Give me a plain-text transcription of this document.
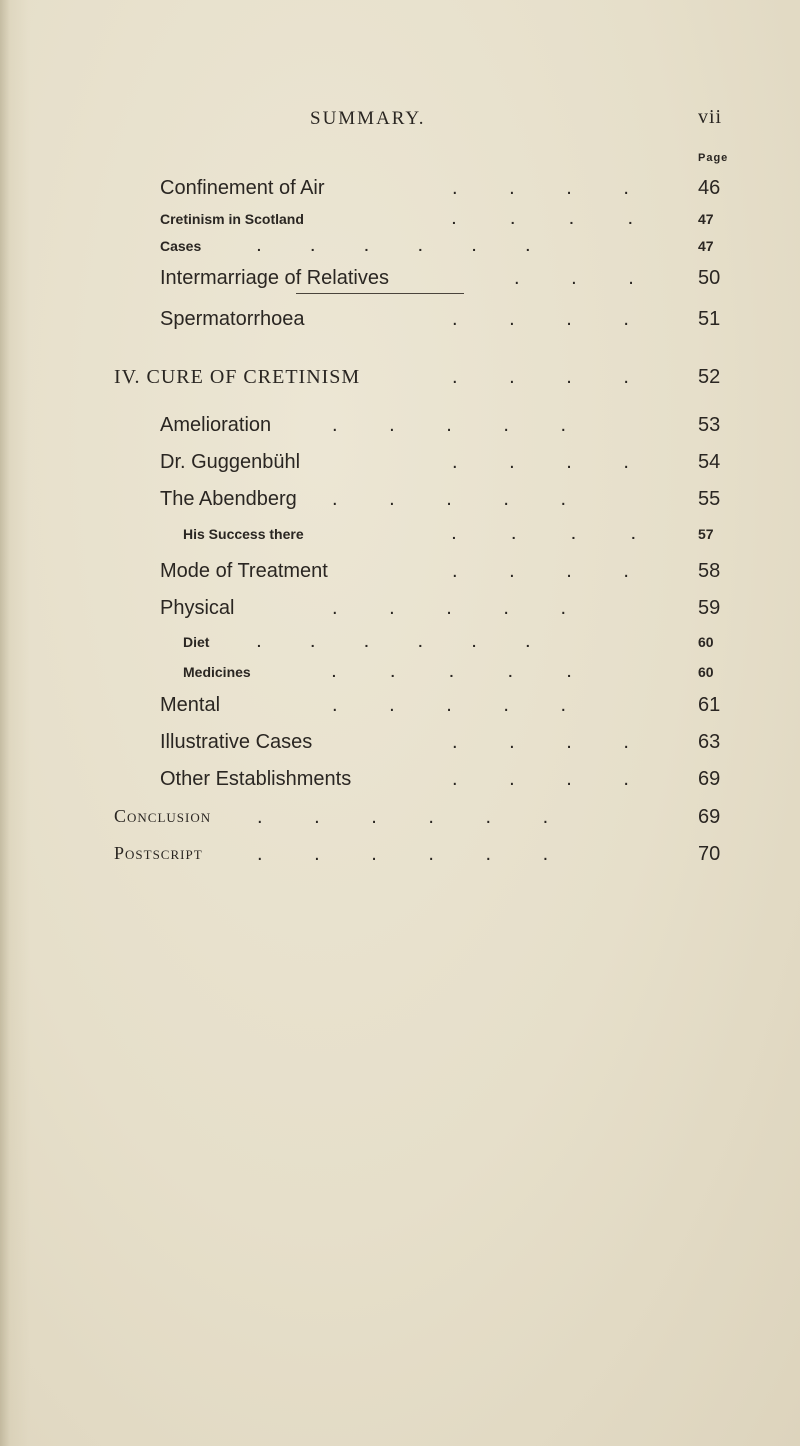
SUMMARY.	vii
Page
Confinement of Air	. . . .	46
Cretinism in Scotland	. . . .	47
Cases	. . . . . .	47
Intermarriage of Relatives	. . .	50
Spermatorrhoea	. . . .	51
IV. CURE OF CRETINISM	. . . .	52
Amelioration	. . . . .	53
Dr. Guggenbühl	. . . .	54
The Abendberg . . . . .	55
His Success there	. . . .	57
Mode of Treatment	. . . .	58
Physical	. . . . .	59
Diet	. . . . . .	60
Medicines	. . . . .	60
Mental	. . . . .	61
Illustrative Cases	. . . .	63
Other Establishments	. . . .	69
Conclusion . . . . . .	69
Postscript	. . . . . .	70
